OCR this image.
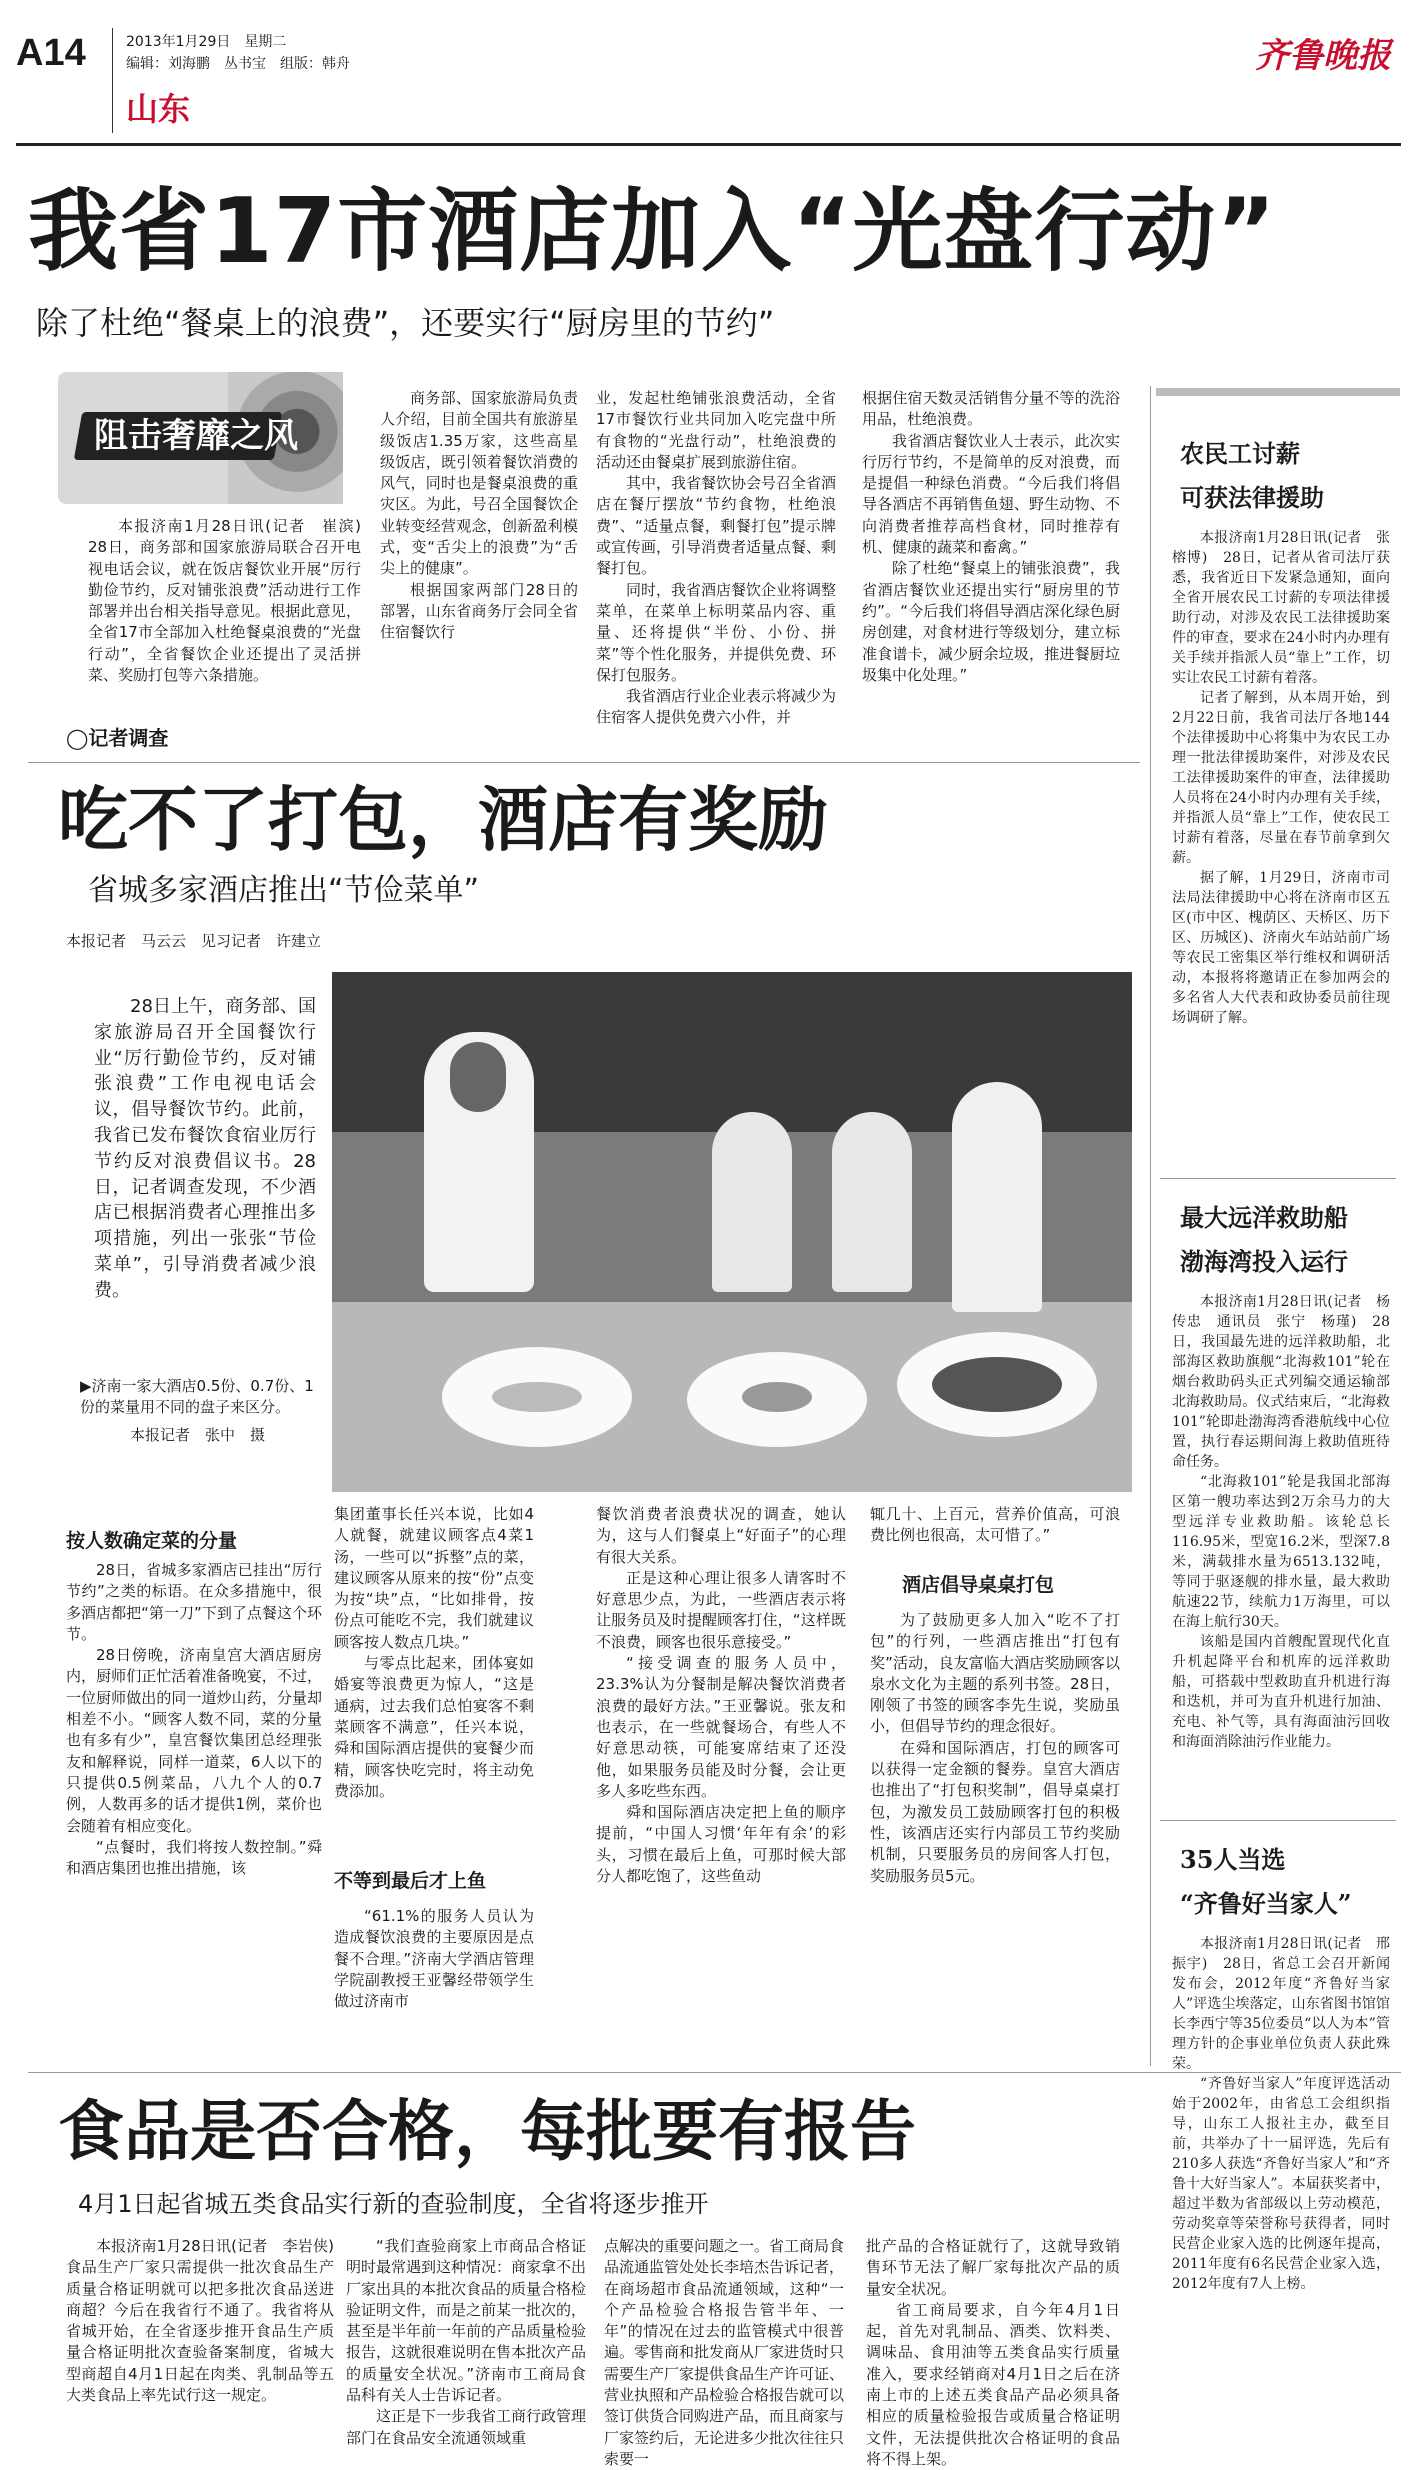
A14	2013年1月29日　星期二
编辑：刘海鹏　丛书宝　组版：韩舟
山东
齐鲁晚报
我省17市酒店加入“光盘行动”
除了杜绝“餐桌上的浪费”，还要实行“厨房里的节约”
阻击奢靡之风

本报济南1月28日讯(记者　崔滨)　28日，商务部和国家旅游局联合召开电视电话会议，就在饭店餐饮业开展“厉行勤俭节约，反对铺张浪费”活动进行工作部署并出台相关指导意见。根据此意见，全省17市全部加入杜绝餐桌浪费的“光盘行动”，全省餐饮企业还提出了灵活拼菜、奖励打包等六条措施。

商务部、国家旅游局负责人介绍，目前全国共有旅游星级饭店1.35万家，这些高星级饭店，既引领着餐饮消费的风气，同时也是餐桌浪费的重灾区。为此，号召全国餐饮企业转变经营观念，创新盈利模式，变“舌尖上的浪费”为“舌尖上的健康”。

根据国家两部门28日的部署，山东省商务厅会同全省住宿餐饮行

业，发起杜绝铺张浪费活动，全省17市餐饮行业共同加入吃完盘中所有食物的“光盘行动”，杜绝浪费的活动还由餐桌扩展到旅游住宿。

其中，我省餐饮协会号召全省酒店在餐厅摆放“节约食物，杜绝浪费”、“适量点餐，剩餐打包”提示牌或宣传画，引导消费者适量点餐、剩餐打包。

同时，我省酒店餐饮企业将调整菜单，在菜单上标明菜品内容、重量、还将提供“半份、小份、拼菜”等个性化服务，并提供免费、环保打包服务。

我省酒店行业企业表示将减少为住宿客人提供免费六小件，并

根据住宿天数灵活销售分量不等的洗浴用品，杜绝浪费。

我省酒店餐饮业人士表示，此次实行厉行节约，不是简单的反对浪费，而是提倡一种绿色消费。“今后我们将倡导各酒店不再销售鱼翅、野生动物、不向消费者推荐高档食材，同时推荐有机、健康的蔬菜和畜禽。”

除了杜绝“餐桌上的铺张浪费”，我省酒店餐饮业还提出实行“厨房里的节约”。“今后我们将倡导酒店深化绿色厨房创建，对食材进行等级划分，建立标准食谱卡，减少厨余垃圾，推进餐厨垃圾集中化处理。”

◯记者调查
吃不了打包，酒店有奖励
省城多家酒店推出“节俭菜单”
本报记者　马云云　见习记者　许建立

28日上午，商务部、国家旅游局召开全国餐饮行业“厉行勤俭节约，反对铺张浪费”工作电视电话会议，倡导餐饮节约。此前，我省已发布餐饮食宿业厉行节约反对浪费倡议书。28日，记者调查发现，不少酒店已根据消费者心理推出多项措施，列出一张张“节俭菜单”，引导消费者减少浪费。

▶济南一家大酒店0.5份、0.7份、1份的菜量用不同的盘子来区分。
本报记者　张中　摄
按人数确定菜的分量

28日，省城多家酒店已挂出“厉行节约”之类的标语。在众多措施中，很多酒店都把“第一刀”下到了点餐这个环节。

28日傍晚，济南皇宫大酒店厨房内，厨师们正忙活着准备晚宴，不过，一位厨师做出的同一道炒山药，分量却相差不小。“顾客人数不同，菜的分量也有多有少”，皇宫餐饮集团总经理张友和解释说，同样一道菜，6人以下的只提供0.5例菜品，八九个人的0.7例，人数再多的话才提供1例，菜价也会随着有相应变化。

“点餐时，我们将按人数控制。”舜和酒店集团也推出措施，该

集团董事长任兴本说，比如4人就餐，就建议顾客点4菜1汤，一些可以“拆整”点的菜，建议顾客从原来的按“份”点变为按“块”点，“比如排骨，按份点可能吃不完，我们就建议顾客按人数点几块。”

与零点比起来，团体宴如婚宴等浪费更为惊人，“这是通病，过去我们总怕宴客不剩菜顾客不满意”，任兴本说，舜和国际酒店提供的宴餐少而精，顾客快吃完时，将主动免费添加。

不等到最后才上鱼

“61.1%的服务人员认为造成餐饮浪费的主要原因是点餐不合理。”济南大学酒店管理学院副教授王亚馨经带领学生做过济南市

餐饮消费者浪费状况的调查，她认为，这与人们餐桌上“好面子”的心理有很大关系。

正是这种心理让很多人请客时不好意思少点，为此，一些酒店表示将让服务员及时提醒顾客打住，“这样既不浪费，顾客也很乐意接受。”

“接受调查的服务人员中，23.3%认为分餐制是解决餐饮消费者浪费的最好方法。”王亚馨说。张友和也表示，在一些就餐场合，有些人不好意思动筷，可能宴席结束了还没他，如果服务员能及时分餐，会让更多人多吃些东西。

舜和国际酒店决定把上鱼的顺序提前，“中国人习惯‘年年有余’的彩头，习惯在最后上鱼，可那时候大部分人都吃饱了，这些鱼动

辄几十、上百元，营养价值高，可浪费比例也很高，太可惜了。”

酒店倡导桌桌打包

为了鼓励更多人加入“吃不了打包”的行列，一些酒店推出“打包有奖”活动，良友富临大酒店奖励顾客以泉水文化为主题的系列书签。28日，刚领了书签的顾客李先生说，奖励虽小，但倡导节约的理念很好。

在舜和国际酒店，打包的顾客可以获得一定金额的餐券。皇宫大酒店也推出了“打包积奖制”，倡导桌桌打包，为激发员工鼓励顾客打包的积极性，该酒店还实行内部员工节约奖励机制，只要服务员的房间客人打包，奖励服务员5元。

食品是否合格，每批要有报告
4月1日起省城五类食品实行新的查验制度，全省将逐步推开

本报济南1月28日讯(记者　李岩侠)　食品生产厂家只需提供一批次食品生产质量合格证明就可以把多批次食品送进商超？今后在我省行不通了。我省将从省城开始，在全省逐步推开食品生产质量合格证明批次查验备案制度，省城大型商超自4月1日起在肉类、乳制品等五大类食品上率先试行这一规定。

“我们查验商家上市商品合格证明时最常遇到这种情况：商家拿不出厂家出具的本批次食品的质量合格检验证明文件，而是之前某一批次的，甚至是半年前一年前的产品质量检验报告，这就很难说明在售本批次产品的质量安全状况。”济南市工商局食品科有关人士告诉记者。

这正是下一步我省工商行政管理部门在食品安全流通领域重

点解决的重要问题之一。省工商局食品流通监管处处长李培杰告诉记者，在商场超市食品流通领域，这种“一个产品检验合格报告管半年、一年”的情况在过去的监管模式中很普遍。零售商和批发商从厂家进货时只需要生产厂家提供食品生产许可证、营业执照和产品检验合格报告就可以签订供货合同购进产品，而且商家与厂家签约后，无论进多少批次往往只索要一

批产品的合格证就行了，这就导致销售环节无法了解厂家每批次产品的质量安全状况。

省工商局要求，自今年4月1日起，首先对乳制品、酒类、饮料类、调味品、食用油等五类食品实行质量准入，要求经销商对4月1日之后在济南上市的上述五类食品产品必须具备相应的质量检验报告或质量合格证明文件，无法提供批次合格证明的食品将不得上架。

农民工讨薪
可获法律援助

本报济南1月28日讯(记者　张榕博)　28日，记者从省司法厅获悉，我省近日下发紧急通知，面向全省开展农民工讨薪的专项法律援助行动，对涉及农民工法律援助案件的审查，要求在24小时内办理有关手续并指派人员“靠上”工作，切实让农民工讨薪有着落。

记者了解到，从本周开始，到2月22日前，我省司法厅各地144个法律援助中心将集中为农民工办理一批法律援助案件，对涉及农民工法律援助案件的审查，法律援助人员将在24小时内办理有关手续，并指派人员“靠上”工作，使农民工讨薪有着落，尽量在春节前拿到欠薪。

据了解，1月29日，济南市司法局法律援助中心将在济南市区五区(市中区、槐荫区、天桥区、历下区、历城区)、济南火车站站前广场等农民工密集区举行维权和调研活动，本报将将邀请正在参加两会的多名省人大代表和政协委员前往现场调研了解。

最大远洋救助船
渤海湾投入运行

本报济南1月28日讯(记者　杨传忠　通讯员　张宁　杨瑾)　28日，我国最先进的远洋救助船，北部海区救助旗舰“北海救101”轮在烟台救助码头正式列编交通运输部北海救助局。仪式结束后，“北海救101”轮即赴渤海湾香港航线中心位置，执行春运期间海上救助值班待命任务。

“北海救101”轮是我国北部海区第一艘功率达到2万余马力的大型远洋专业救助船。该轮总长116.95米，型宽16.2米，型深7.8米，满载排水量为6513.132吨，等同于驱逐舰的排水量，最大救助航速22节，续航力1万海里，可以在海上航行30天。

该船是国内首艘配置现代化直升机起降平台和机库的远洋救助船，可搭载中型救助直升机进行海和迭机，并可为直升机进行加油、充电、补气等，具有海面油污回收和海面消除油污作业能力。

35人当选
“齐鲁好当家人”

本报济南1月28日讯(记者　邢振宇)　28日，省总工会召开新闻发布会，2012年度“齐鲁好当家人”评选尘埃落定，山东省图书馆馆长李西宁等35位委员“以人为本”管理方针的企事业单位负责人获此殊荣。

“齐鲁好当家人”年度评选活动始于2002年，由省总工会组织指导，山东工人报社主办，截至目前，共举办了十一届评选，先后有210多人获选“齐鲁好当家人”和“齐鲁十大好当家人”。本届获奖者中，超过半数为省部级以上劳动模范，劳动奖章等荣誉称号获得者，同时民营企业家入选的比例逐年提高，2011年度有6名民营企业家入选，2012年度有7人上榜。
